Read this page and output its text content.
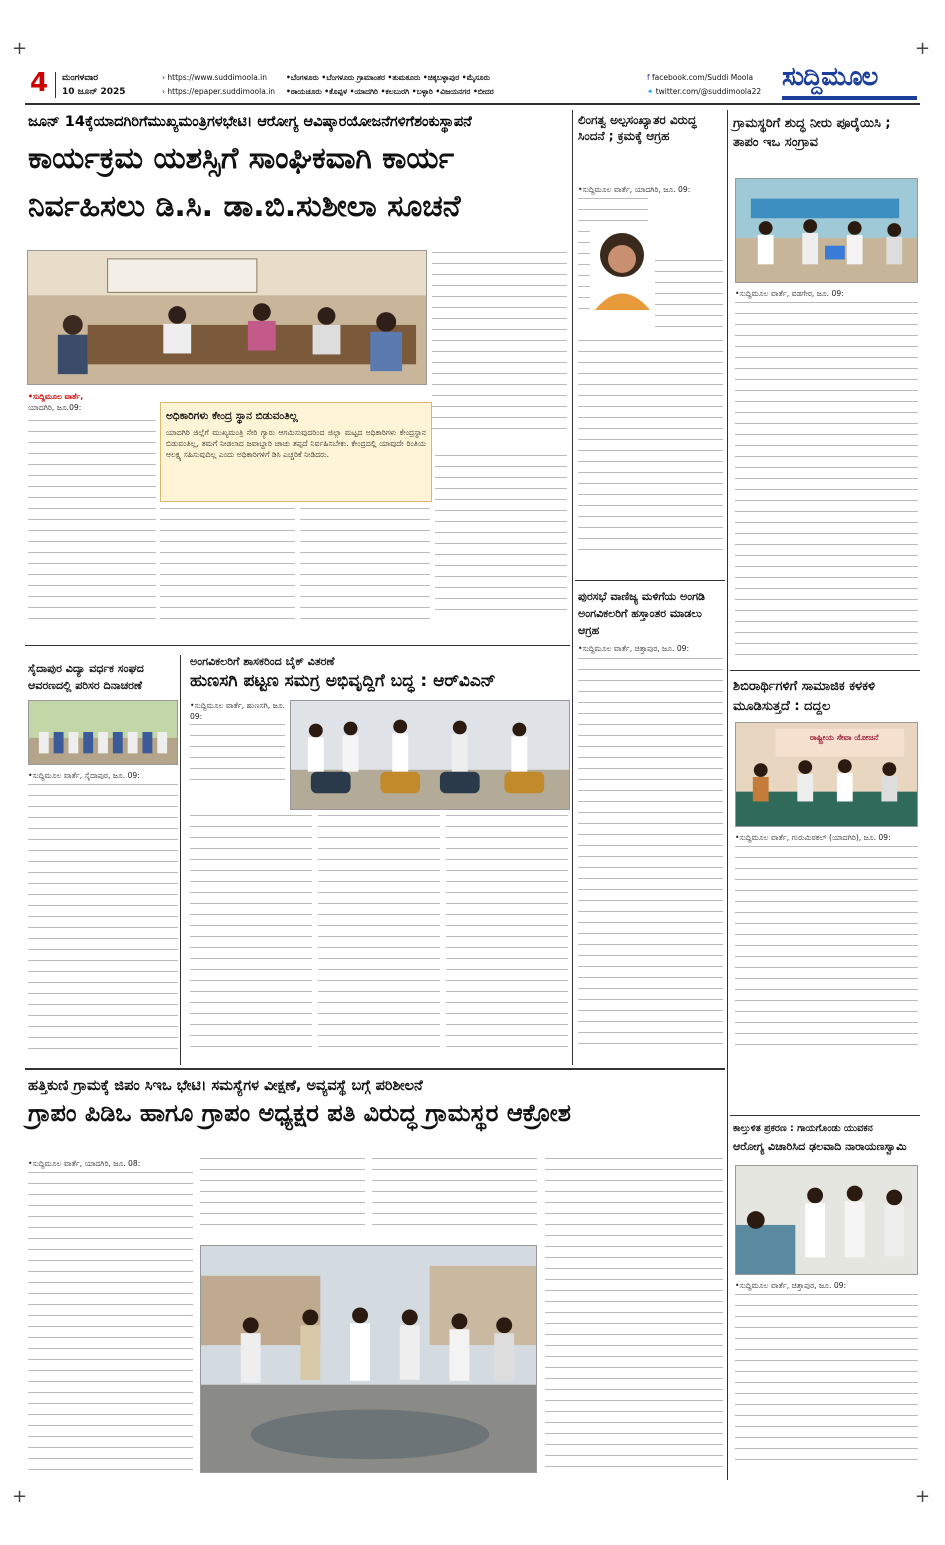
+	+
+	+
4 ಮಂಗಳವಾರ
10 ಜೂನ್ 2025
› https://www.suddimoola.in
› https://epaper.suddimoola.in
•ಬೆಂಗಳೂರು •ಬೆಂಗಳೂರು ಗ್ರಾಮಾಂತರ •ತುಮಕೂರು •ಚಿಕ್ಕಬಳ್ಳಾಪುರ •ಮೈಸೂರು
•ರಾಯಚೂರು •ಕೊಪ್ಪಳ •ಯಾದಗಿರಿ •ಕಲಬುರಗಿ •ಬಳ್ಳಾರಿ •ವಿಜಯನಗರ •ಬೀದರ
f facebook.com/Suddi Moola
✦ twitter.com/@suddimoola22 ಸುದ್ದಿಮೂಲ
ಜೂನ್ 14ಕ್ಕೆಯಾದಗಿರಿಗೆಮುಖ್ಯಮಂತ್ರಿಗಳಭೇಟಿ। ಆರೋಗ್ಯ ಆವಿಷ್ಕಾರಯೋಜನೆಗಳಿಗೆಶಂಕುಸ್ಥಾಪನೆ
ಕಾರ್ಯಕ್ರಮ ಯಶಸ್ಸಿಗೆ ಸಾಂಘಿಕವಾಗಿ ಕಾರ್ಯ
ನಿರ್ವಹಿಸಲು ಡಿ.ಸಿ. ಡಾ.ಬಿ.ಸುಶೀಲಾ ಸೂಚನೆ
•ಸುದ್ದಿಮೂಲ ವಾರ್ತೆ,
ಯಾದಗಿರಿ, ಜೂ.09:
ಅಧಿಕಾರಿಗಳು ಕೇಂದ್ರ ಸ್ಥಾನ ಬಿಡುವಂತಿಲ್ಲ
ಯಾದಗಿರಿ ಜಿಲ್ಲೆಗೆ ಮುಖ್ಯಮಂತ್ರಿ ನೇರಿ ಗ್ಯಾರು ಆಗಮಿಸುವುದರಿಂದ ಜಿಲ್ಲಾ ಮಟ್ಟದ ಅಧಿಕಾರಿಗಳು ಕೇಂದ್ರಸ್ಥಾನ ಬಿಡುವಂತಿಲ್ಲ, ತಮಗೆ ನೀಡಲಾದ ಜವಾಬ್ದಾರಿ ಚಾಚು ತಪ್ಪದೆ ನಿರ್ವಹಿಸಬೇಕು. ಕೇಂದ್ರದಲ್ಲಿ ಯಾವುದೇ ರಿಂತಿಯ ಆಲಕ್ಷ್ಯ ಸಹಿಸುವುದಿಲ್ಲ ಎಂದು ಅಧಿಕಾರಿಗಳಿಗೆ ಡಿಸಿ ಎಚ್ಚರಿಕೆ ನೀಡಿದರು.
ಲಿಂಗತ್ವ ಅಲ್ಪಸಂಖ್ಯಾತರ ವಿರುದ್ಧ ಸಿಂದನೆ ; ಕ್ರಮಕ್ಕೆ ಆಗ್ರಹ
•ಸುದ್ದಿಮೂಲ ವಾರ್ತೆ, ಯಾದಗಿರಿ, ಜೂ. 09:
ಗ್ರಾಮಸ್ಥರಿಗೆ ಶುದ್ಧ ನೀರು ಪೂರೈಯಿಸಿ ; ತಾಪಂ ಇಒ ಸಂಗ್ರಾವ
•ಸುದ್ದಿಮೂಲ ವಾರ್ತೆ, ವಡಗೇರ, ಜೂ. 09:
ಸೈದಾಪುರ ವಿದ್ಯಾ ವರ್ಧಕ ಸಂಘದ ಆವರಣದಲ್ಲಿ ಪರಿಸರ ದಿನಾಚರಣೆ
•ಸುದ್ದಿಮೂಲ ವಾರ್ತೆ, ಸೈದಾಪುರ, ಜೂ. 09:
ಅಂಗವಿಕಲರಿಗೆ ಶಾಸಕರಿಂದ ಬೈಕ್ ವಿತರಣೆ
ಹುಣಸಗಿ ಪಟ್ಟಣ ಸಮಗ್ರ ಅಭಿವೃದ್ದಿಗೆ ಬದ್ಧ : ಆರ್‌ವಿಎನ್
•ಸುದ್ದಿಮೂಲ ವಾರ್ತೆ, ಹುಣಸಗಿ, ಜೂ. 09:
ಪುರಸಭೆ ವಾಣಿಜ್ಯ ಮಳಿಗೆಯ ಅಂಗಡಿ ಅಂಗವಿಕಲರಿಗೆ ಹಸ್ತಾಂತರ ಮಾಡಲು ಆಗ್ರಹ
•ಸುದ್ದಿಮೂಲ ವಾರ್ತೆ, ಚಿತ್ತಾಪುರ, ಜೂ. 09:
ಶಿಬಿರಾರ್ಥಿಗಳಿಗೆ ಸಾಮಾಜಿಕ ಕಳಕಳಿ ಮೂಡಿಸುತ್ತದೆ : ದದ್ದಲ
ರಾಷ್ಟ್ರೀಯ ಸೇವಾ ಯೋಜನೆ
•ಸುದ್ದಿಮೂಲ ವಾರ್ತೆ, ಗುರುಮಿಠಕಲ್ (ಯಾದಗಿರಿ), ಜೂ. 09:
ಹತ್ತಿಕುಣಿ ಗ್ರಾಮಕ್ಕೆ ಜಿಪಂ ಸಿಇಒ ಭೇಟಿ। ಸಮಸ್ಯೆಗಳ ವೀಕ್ಷಣೆ, ಅವ್ಯವಸ್ಥೆ ಬಗ್ಗೆ ಪರಿಶೀಲನೆ
ಗ್ರಾಪಂ ಪಿಡಿಒ ಹಾಗೂ ಗ್ರಾಪಂ ಅಧ್ಯಕ್ಷರ ಪತಿ ವಿರುದ್ಧ ಗ್ರಾಮಸ್ಥರ ಆಕ್ರೋಶ
•ಸುದ್ದಿಮೂಲ ವಾರ್ತೆ, ಯಾದಗಿರಿ, ಜೂ. 08:
ಕಾಲ್ತುಳಿತ ಪ್ರಕರಣ : ಗಾಯಗೊಂಡು ಯುವಕನ
ಆರೋಗ್ಯ ವಿಚಾರಿಸಿದ ಢಲವಾದಿ ನಾರಾಯಣಸ್ವಾಮಿ
•ಸುದ್ದಿಮೂಲ ವಾರ್ತೆ, ಚಿತ್ತಾಪುರ, ಜೂ. 09:
